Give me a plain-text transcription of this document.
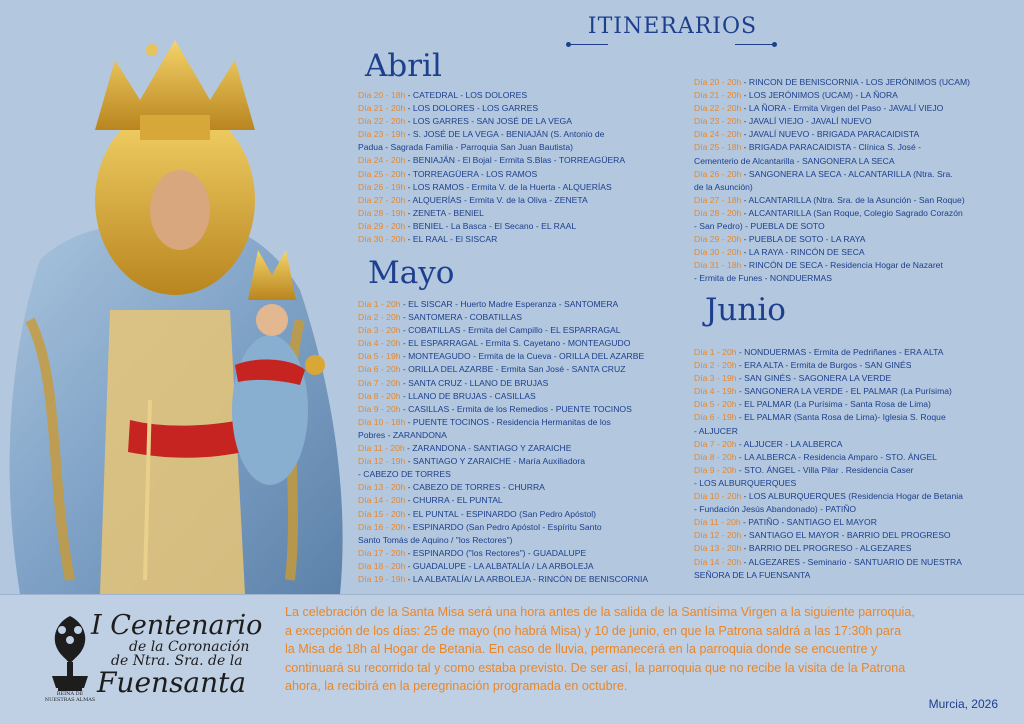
ITINERARIOS
Abril
Día 20 - 18h - CATEDRAL - LOS DOLORES
Día 21 - 20h - LOS DOLORES - LOS GARRES
Día 22 - 20h - LOS GARRES - SAN JOSÉ DE LA VEGA
Día 23 - 19h - S. JOSÉ DE LA VEGA - BENIAJÁN (S. Antonio de
Padua - Sagrada Familia - Parroquia San Juan Bautista)
Día 24 - 20h - BENIAJÁN - El Bojal - Ermita S.Blas - TORREAGÜERA
Día 25 - 20h - TORREAGÜERA - LOS RAMOS
Día 26 - 19h - LOS RAMOS - Ermita V. de la Huerta - ALQUERÍAS
Día 27 - 20h - ALQUERÍAS - Ermita V. de la Oliva - ZENETA
Día 28 - 19h - ZENETA - BENIEL
Día 29 - 20h - BENIEL - La Basca - El Secano - EL RAAL
Día 30 - 20h - EL RAAL - El SISCAR
Mayo
Día 1 - 20h - EL SISCAR - Huerto Madre Esperanza - SANTOMERA
Día 2 - 20h - SANTOMERA - COBATILLAS
Día 3 - 20h - COBATILLAS - Ermita del Campillo - EL ESPARRAGAL
Día 4 - 20h - EL ESPARRAGAL - Ermita S. Cayetano - MONTEAGUDO
Día 5 - 19h - MONTEAGUDO - Ermita de la Cueva - ORILLA DEL AZARBE
Día 6 - 20h - ORILLA DEL AZARBE - Ermita San José - SANTA CRUZ
Día 7 - 20h - SANTA CRUZ - LLANO DE BRUJAS
Día 8 - 20h - LLANO DE BRUJAS - CASILLAS
Día 9 - 20h - CASILLAS - Ermita de los Remedios - PUENTE TOCINOS
Día 10 - 18h - PUENTE TOCINOS - Residencia Hermanitas de los
Pobres - ZARANDONA
Día 11 - 20h - ZARANDONA - SANTIAGO Y ZARAICHE
Día 12 - 19h - SANTIAGO Y ZARAICHE - María Auxiliadora
- CABEZO DE TORRES
Día 13 - 20h - CABEZO DE TORRES - CHURRA
Día 14 - 20h - CHURRA - EL PUNTAL
Día 15 - 20h - EL PUNTAL - ESPINARDO (San Pedro Apóstol)
Día 16 - 20h - ESPINARDO (San Pedro Apóstol - Espíritu Santo
Santo Tomás de Aquino / "los Rectores")
Día 17 - 20h - ESPINARDO ("los Rectores") - GUADALUPE
Día 18 - 20h - GUADALUPE - LA ALBATALÍA / LA ARBOLEJA
Día 19 - 19h - LA ALBATALÍA/ LA ARBOLEJA - RINCÓN DE BENISCORNIA
Día 20 - 20h - RINCON DE BENISCORNIA - LOS JERÓNIMOS (UCAM)
Día 21 - 20h - LOS JERÓNIMOS (UCAM) - LA ÑORA
Día 22 - 20h - LA ÑORA - Ermita Virgen del Paso - JAVALÍ VIEJO
Día 23 - 20h - JAVALÍ VIEJO - JAVALÍ NUEVO
Día 24 - 20h - JAVALÍ NUEVO - BRIGADA PARACAIDISTA
Día 25 - 18h - BRIGADA PARACAIDISTA - Clínica S. José -
Cementerio de Alcantarilla - SANGONERA LA SECA
Día 26 - 20h - SANGONERA LA SECA - ALCANTARILLA (Ntra. Sra.
de la Asunción)
Día 27 - 18h - ALCANTARILLA (Ntra. Sra. de la Asunción - San Roque)
Día 28 - 20h - ALCANTARILLA (San Roque, Colegio Sagrado Corazón
- San Pedro) - PUEBLA DE SOTO
Día 29 - 20h - PUEBLA DE SOTO - LA RAYA
Día 30 - 20h - LA RAYA - RINCÓN DE SECA
Día 31 - 18h - RINCÓN DE SECA - Residencia Hogar de Nazaret
- Ermita de Funes - NONDUERMAS
Junio
Día 1 - 20h - NONDUERMAS - Ermita de Pedriñanes - ERA ALTA
Día 2 - 20h - ERA ALTA - Ermita de Burgos - SAN GINÉS
Día 3 - 19h - SAN GINÉS - SAGONERA LA VERDE
Día 4 - 19h - SANGONERA LA VERDE - EL PALMAR (La Purísima)
Día 5 - 20h - EL PALMAR (La Purísima - Santa Rosa de Lima)
Día 6 - 19h - EL PALMAR (Santa Rosa de Lima)- Iglesia S. Roque
- ALJUCER
Día 7 - 20h - ALJUCER - LA ALBERCA
Día 8 - 20h - LA ALBERCA - Residencia Amparo - STO. ÁNGEL
Día 9 - 20h - STO. ÁNGEL - Villa Pilar . Residencia Caser
- LOS ALBURQUERQUES
Día 10 - 20h - LOS ALBURQUERQUES (Residencia Hogar de Betania
- Fundación Jesús Abandonado) - PATIÑO
Día 11 - 20h - PATIÑO - SANTIAGO EL MAYOR
Día 12 - 20h - SANTIAGO EL MAYOR - BARRIO DEL PROGRESO
Día 13 - 20h - BARRIO DEL PROGRESO - ALGEZARES
Día 14 - 20h - ALGEZARES - Seminario - SANTUARIO DE NUESTRA
SEÑORA DE LA FUENSANTA
REINA DE NUESTRAS ALMAS
I Centenario
de la Coronación
de Ntra. Sra. de la
Fuensanta

La celebración de la Santa Misa será una hora antes de la salida de la Santísima Virgen a la siguiente parroquia,

a excepción de los días: 25 de mayo (no habrá Misa) y 10 de junio, en que la Patrona saldrá a las 17:30h para

la Misa de 18h al Hogar de Betania. En caso de lluvia, permanecerá en la parroquia donde se encuentre y

continuará su recorrido tal y como estaba previsto. De ser así, la parroquia que no recibe la visita de la Patrona

ahora, la recibirá en la peregrinación programada en octubre.

Murcia, 2026
